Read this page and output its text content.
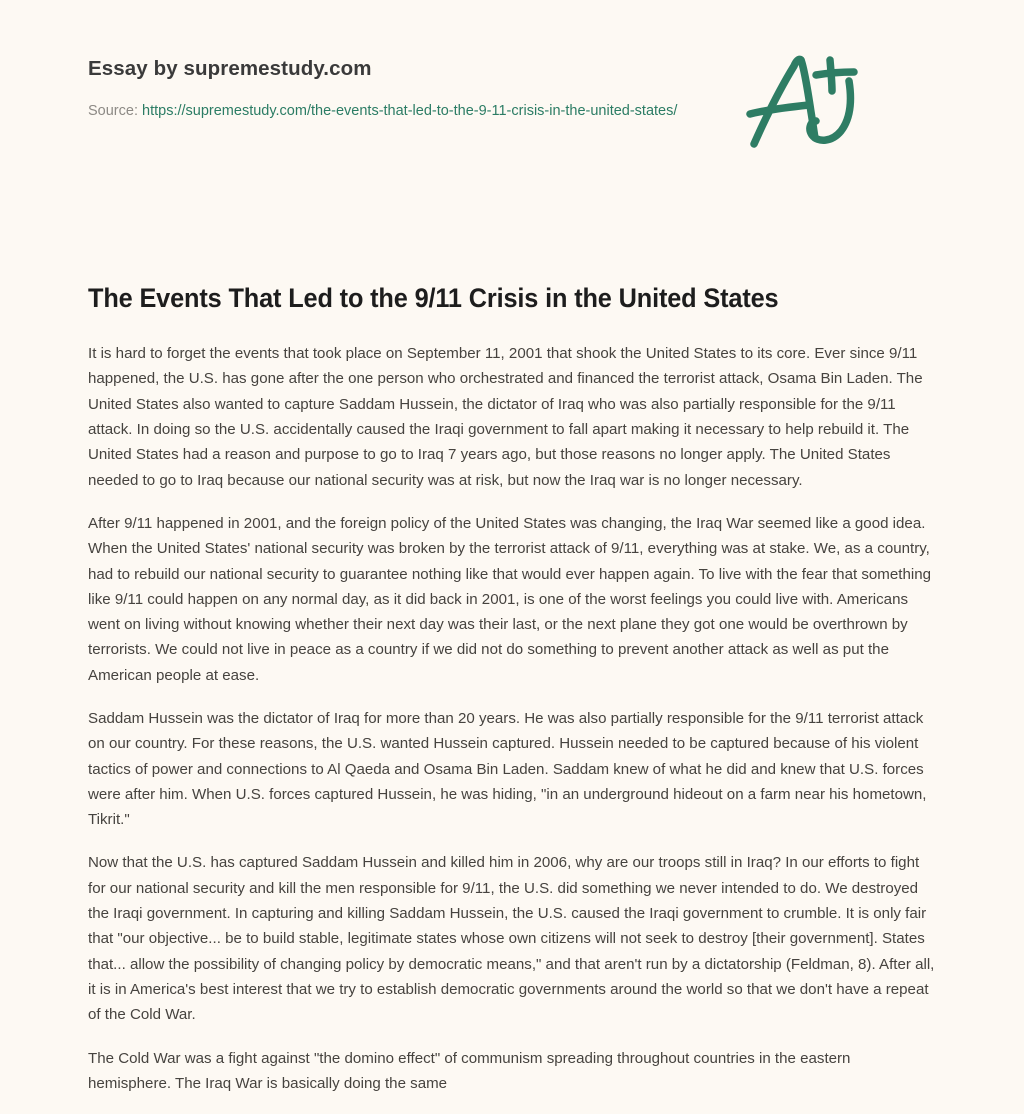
Essay by supremestudy.com
Source: https://supremestudy.com/the-events-that-led-to-the-9-11-crisis-in-the-united-states/
The Events That Led to the 9/11 Crisis in the United States

It is hard to forget the events that took place on September 11, 2001 that shook the United States to its core. Ever since 9/11 happened, the U.S. has gone after the one person who orchestrated and financed the terrorist attack, Osama Bin Laden. The United States also wanted to capture Saddam Hussein, the dictator of Iraq who was also partially responsible for the 9/11 attack. In doing so the U.S. accidentally caused the Iraqi government to fall apart making it necessary to help rebuild it. The United States had a reason and purpose to go to Iraq 7 years ago, but those reasons no longer apply. The United States needed to go to Iraq because our national security was at risk, but now the Iraq war is no longer necessary.

After 9/11 happened in 2001, and the foreign policy of the United States was changing, the Iraq War seemed like a good idea. When the United States' national security was broken by the terrorist attack of 9/11, everything was at stake. We, as a country, had to rebuild our national security to guarantee nothing like that would ever happen again. To live with the fear that something like 9/11 could happen on any normal day, as it did back in 2001, is one of the worst feelings you could live with. Americans went on living without knowing whether their next day was their last, or the next plane they got one would be overthrown by terrorists. We could not live in peace as a country if we did not do something to prevent another attack as well as put the American people at ease.

Saddam Hussein was the dictator of Iraq for more than 20 years. He was also partially responsible for the 9/11 terrorist attack on our country. For these reasons, the U.S. wanted Hussein captured. Hussein needed to be captured because of his violent tactics of power and connections to Al Qaeda and Osama Bin Laden. Saddam knew of what he did and knew that U.S. forces were after him. When U.S. forces captured Hussein, he was hiding, "in an underground hideout on a farm near his hometown, Tikrit."

Now that the U.S. has captured Saddam Hussein and killed him in 2006, why are our troops still in Iraq? In our efforts to fight for our national security and kill the men responsible for 9/11, the U.S. did something we never intended to do. We destroyed the Iraqi government. In capturing and killing Saddam Hussein, the U.S. caused the Iraqi government to crumble. It is only fair that "our objective... be to build stable, legitimate states whose own citizens will not seek to destroy [their government]. States that... allow the possibility of changing policy by democratic means," and that aren't run by a dictatorship (Feldman, 8). After all, it is in America's best interest that we try to establish democratic governments around the world so that we don't have a repeat of the Cold War.

The Cold War was a fight against "the domino effect" of communism spreading throughout countries in the eastern hemisphere. The Iraq War is basically doing the same
